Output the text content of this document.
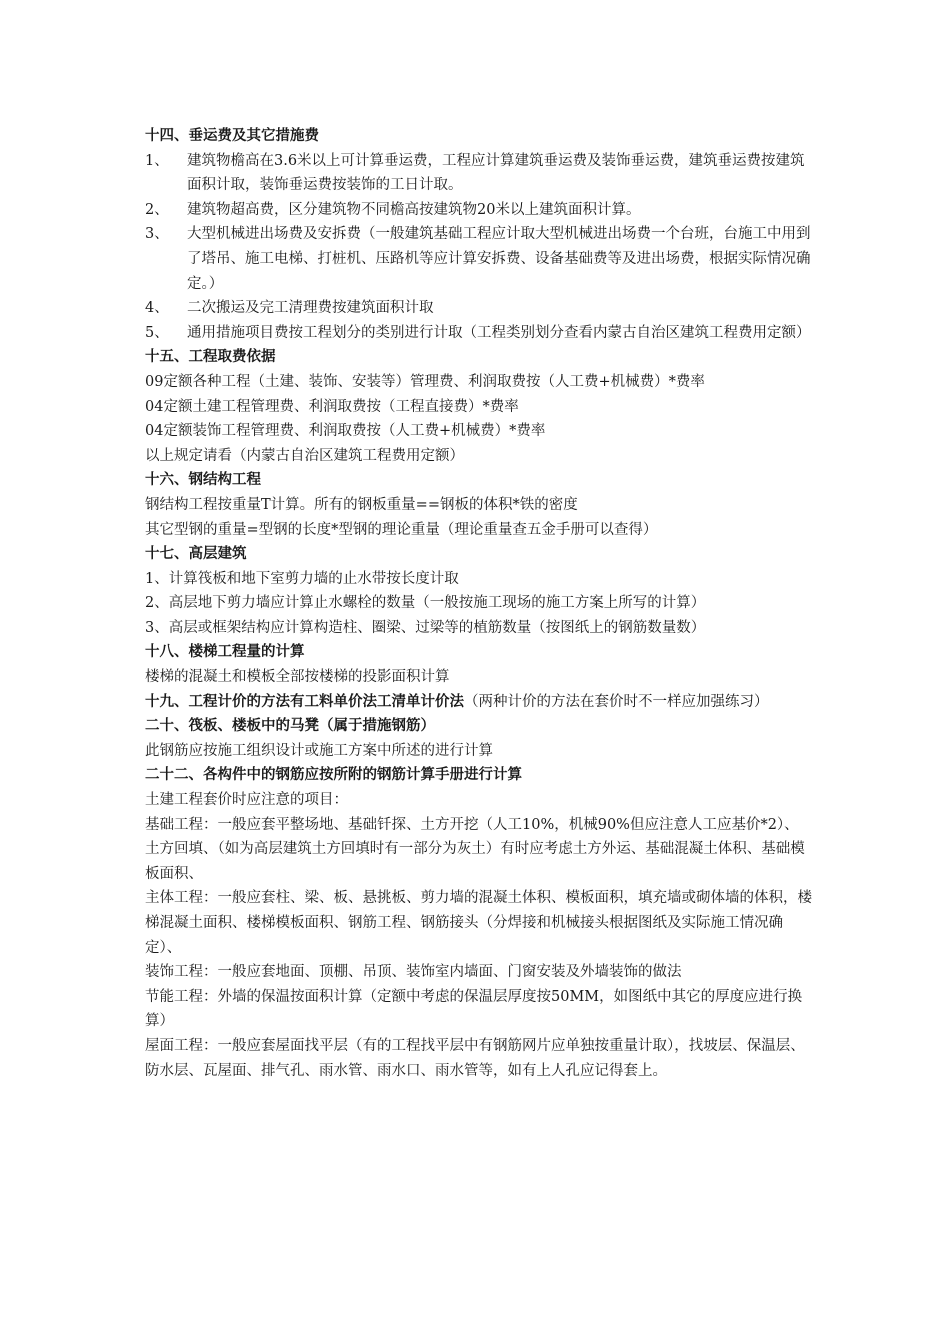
十四、垂运费及其它措施费
1、	建筑物檐高在3.6米以上可计算垂运费，工程应计算建筑垂运费及装饰垂运费，建筑垂运费按建筑面积计取，装饰垂运费按装饰的工日计取。
2、	建筑物超高费，区分建筑物不同檐高按建筑物20米以上建筑面积计算。
3、	大型机械进出场费及安拆费（一般建筑基础工程应计取大型机械进出场费一个台班，台施工中用到了塔吊、施工电梯、打桩机、压路机等应计算安拆费、设备基础费等及进出场费，根据实际情况确定。）
4、	二次搬运及完工清理费按建筑面积计取
5、	通用措施项目费按工程划分的类别进行计取（工程类别划分查看内蒙古自治区建筑工程费用定额）
十五、工程取费依据
09定额各种工程（土建、装饰、安装等）管理费、利润取费按（人工费+机械费）*费率
04定额土建工程管理费、利润取费按（工程直接费）*费率
04定额装饰工程管理费、利润取费按（人工费+机械费）*费率
以上规定请看（内蒙古自治区建筑工程费用定额）
十六、钢结构工程
钢结构工程按重量T计算。所有的钢板重量==钢板的体积*铁的密度
其它型钢的重量=型钢的长度*型钢的理论重量（理论重量查五金手册可以查得）
十七、高层建筑
1、计算筏板和地下室剪力墙的止水带按长度计取
2、高层地下剪力墙应计算止水螺栓的数量（一般按施工现场的施工方案上所写的计算）
3、高层或框架结构应计算构造柱、圈梁、过梁等的植筋数量（按图纸上的钢筋数量数）
十八、楼梯工程量的计算
楼梯的混凝土和模板全部按楼梯的投影面积计算
十九、工程计价的方法有工料单价法工清单计价法（两种计价的方法在套价时不一样应加强练习）
二十、筏板、楼板中的马凳（属于措施钢筋）
此钢筋应按施工组织设计或施工方案中所述的进行计算
二十二、各构件中的钢筋应按所附的钢筋计算手册进行计算
土建工程套价时应注意的项目：
基础工程：一般应套平整场地、基础钎探、土方开挖（人工10%，机械90%但应注意人工应基价*2）、土方回填、（如为高层建筑土方回填时有一部分为灰土）有时应考虑土方外运、基础混凝土体积、基础模板面积、
主体工程：一般应套柱、梁、板、悬挑板、剪力墙的混凝土体积、模板面积，填充墙或砌体墙的体积，楼梯混凝土面积、楼梯模板面积、钢筋工程、钢筋接头（分焊接和机械接头根据图纸及实际施工情况确定）、
装饰工程：一般应套地面、顶棚、吊顶、装饰室内墙面、门窗安装及外墙装饰的做法
节能工程：外墙的保温按面积计算（定额中考虑的保温层厚度按50MM，如图纸中其它的厚度应进行换算）
屋面工程：一般应套屋面找平层（有的工程找平层中有钢筋网片应单独按重量计取），找坡层、保温层、防水层、瓦屋面、排气孔、雨水管、雨水口、雨水管等，如有上人孔应记得套上。
